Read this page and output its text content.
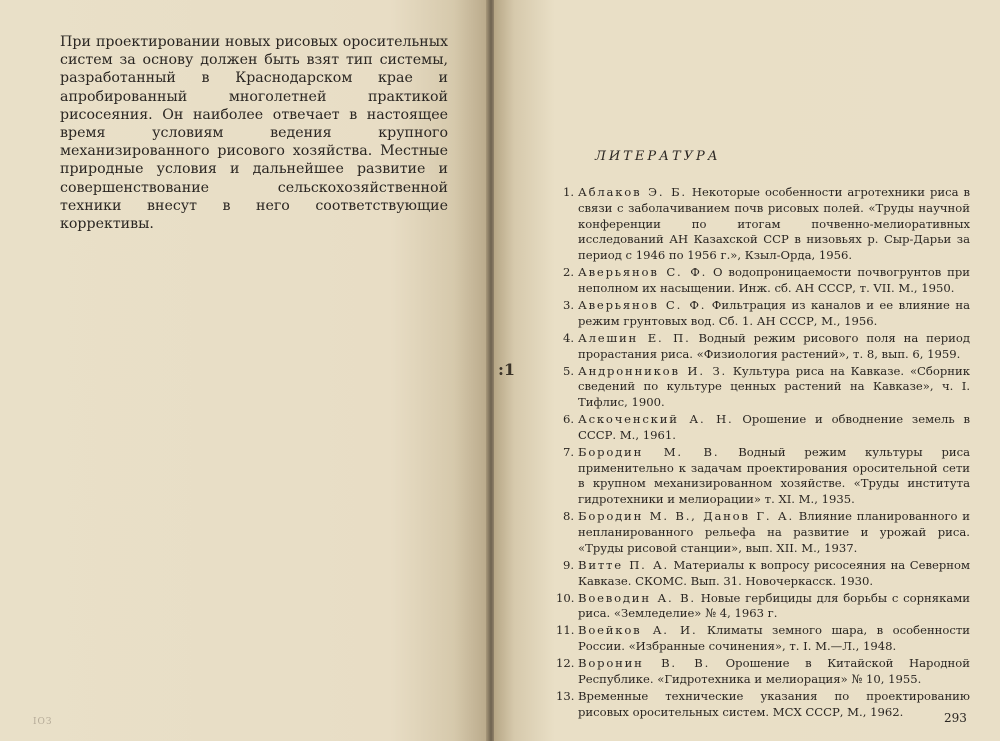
При проектировании новых рисовых оросительных систем за основу должен быть взят тип системы, разработанный в Краснодарском крае и апробированный многолетней практикой рисосеяния. Он наиболее отвечает в настоящее время условиям ведения крупного механизированного рисового хозяйства. Местные природные условия и дальнейшее развитие и совершенствование сельскохозяйственной техники внесут в него соответствующие коррективы.

ІОЗ
:1
ЛИТЕРАТУРА
1. Аблаков Э. Б. Некоторые особенности агротехники риса в связи с заболачиванием почв рисовых полей. «Труды научной конференции по итогам почвенно-мелиоративных исследований АН Казахской ССР в низовьях р. Сыр-Дарьи за период с 1946 по 1956 г.», Кзыл-Орда, 1956.
2. Аверьянов С. Ф. О водопроницаемости почвогрунтов при неполном их насыщении. Инж. сб. АН СССР, т. VII. М., 1950.
3. Аверьянов С. Ф. Фильтрация из каналов и ее влияние на режим грунтовых вод. Сб. 1. АН СССР, М., 1956.
4. Алешин Е. П. Водный режим рисового поля на период прорастания риса. «Физиология растений», т. 8, вып. 6, 1959.
5. Андронников И. З. Культура риса на Кавказе. «Сборник сведений по культуре ценных растений на Кавказе», ч. I. Тифлис, 1900.
6. Аскоченский А. Н. Орошение и обводнение земель в СССР. М., 1961.
7. Бородин М. В. Водный режим культуры риса применительно к задачам проектирования оросительной сети в крупном механизированном хозяйстве. «Труды института гидротехники и мелиорации» т. XI. М., 1935.
8. Бородин М. В., Данов Г. А. Влияние планированного и непланированного рельефа на развитие и урожай риса. «Труды рисовой станции», вып. XII. М., 1937.
9. Витте П. А. Материалы к вопросу рисосеяния на Северном Кавказе. СКОМС. Вып. 31. Новочеркасск. 1930.
10. Воеводин А. В. Новые гербициды для борьбы с сорняками риса. «Земледелие» № 4, 1963 г.
11. Воейков А. И. Климаты земного шара, в особенности России. «Избранные сочинения», т. I. М.—Л., 1948.
12. Воронин В. В. Орошение в Китайской Народной Республике. «Гидротехника и мелиорация» № 10, 1955.
13. Временные технические указания по проектированию рисовых оросительных систем. МСХ СССР, М., 1962.	293
